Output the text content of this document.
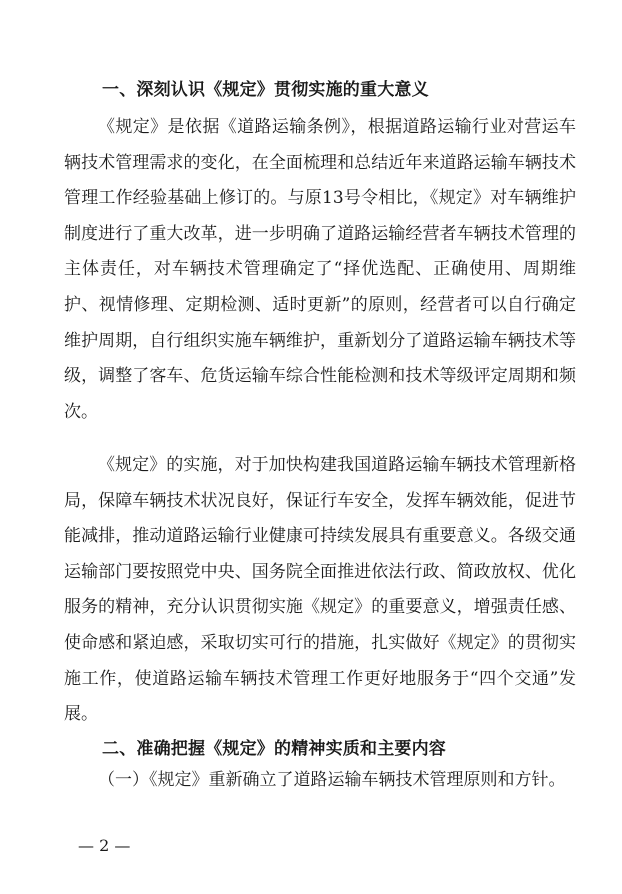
一、深刻认识《规定》贯彻实施的重大意义

《规定》是依据《道路运输条例》，根据道路运输行业对营运车辆技术管理需求的变化，在全面梳理和总结近年来道路运输车辆技术管理工作经验基础上修订的。与原13号令相比，《规定》对车辆维护制度进行了重大改革，进一步明确了道路运输经营者车辆技术管理的主体责任，对车辆技术管理确定了“择优选配、正确使用、周期维护、视情修理、定期检测、适时更新”的原则，经营者可以自行确定维护周期，自行组织实施车辆维护，重新划分了道路运输车辆技术等级，调整了客车、危货运输车综合性能检测和技术等级评定周期和频次。

《规定》的实施，对于加快构建我国道路运输车辆技术管理新格局，保障车辆技术状况良好，保证行车安全，发挥车辆效能，促进节能减排，推动道路运输行业健康可持续发展具有重要意义。各级交通运输部门要按照党中央、国务院全面推进依法行政、简政放权、优化服务的精神，充分认识贯彻实施《规定》的重要意义，增强责任感、使命感和紧迫感，采取切实可行的措施，扎实做好《规定》的贯彻实施工作，使道路运输车辆技术管理工作更好地服务于“四个交通”发展。

二、准确把握《规定》的精神实质和主要内容
（一）《规定》重新确立了道路运输车辆技术管理原则和方针。
— 2 —
